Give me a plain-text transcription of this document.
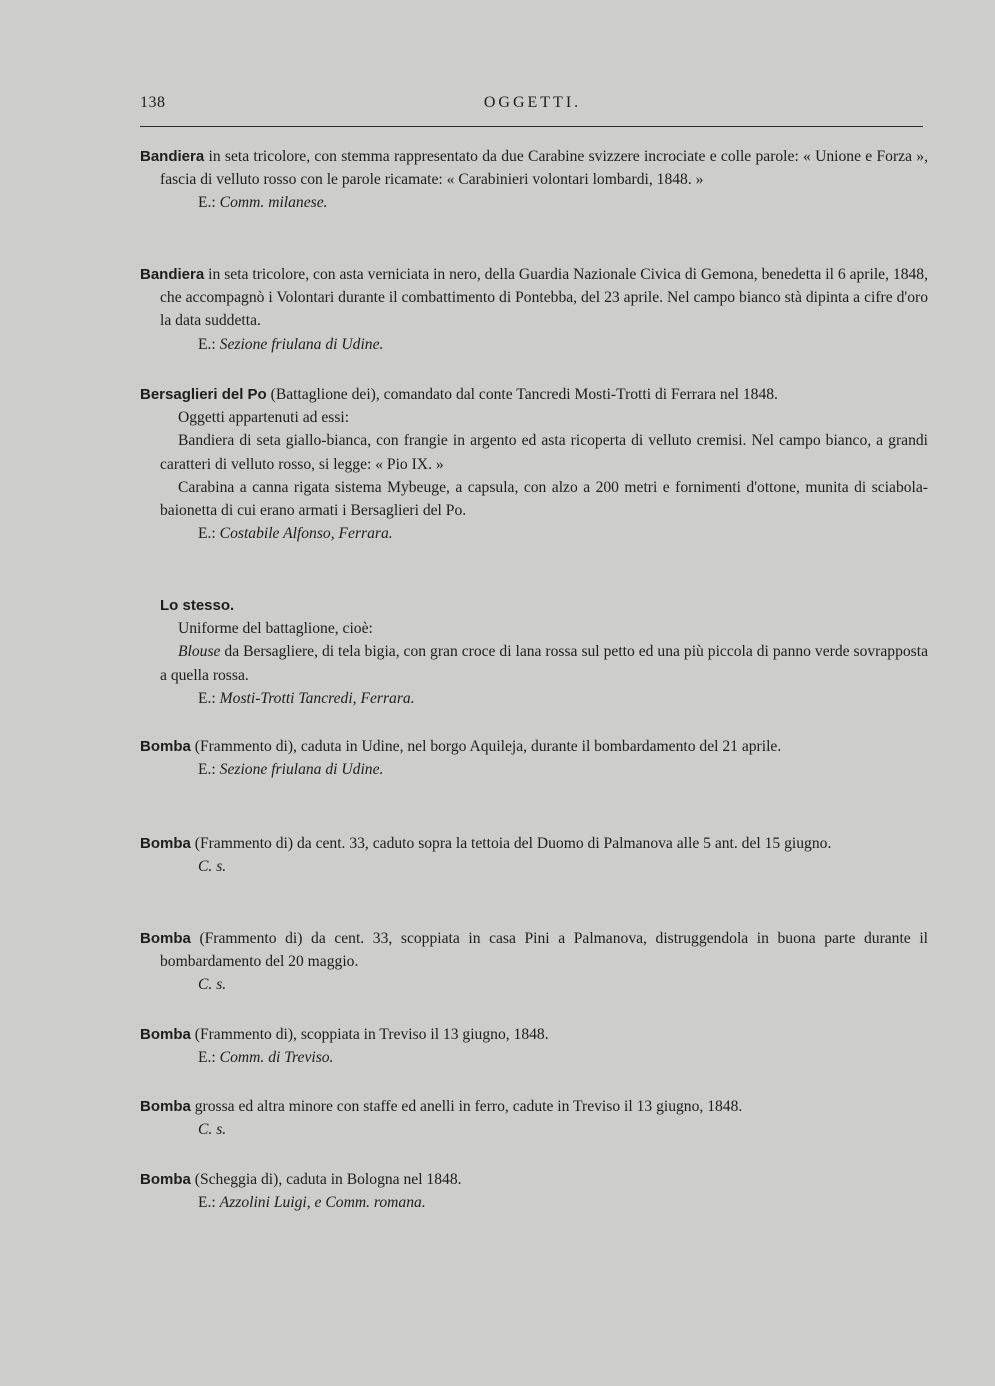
138	OGGETTI.

Bandiera in seta tricolore, con stemma rappresentato da due Carabine svizzere incrociate e colle parole: « Unione e Forza », fascia di velluto rosso con le parole ricamate: « Carabinieri volontari lombardi, 1848. »

E.: Comm. milanese.

Bandiera in seta tricolore, con asta verniciata in nero, della Guardia Nazionale Civica di Gemona, benedetta il 6 aprile, 1848, che accompagnò i Volontari durante il combattimento di Pontebba, del 23 aprile. Nel campo bianco stà dipinta a cifre d'oro la data suddetta.

E.: Sezione friulana di Udine.

Bersaglieri del Po (Battaglione dei), comandato dal conte Tancredi Mosti-Trotti di Ferrara nel 1848.

Oggetti appartenuti ad essi:

Bandiera di seta giallo-bianca, con frangie in argento ed asta ricoperta di velluto cremisi. Nel campo bianco, a grandi caratteri di velluto rosso, si legge: « Pio IX. »

Carabina a canna rigata sistema Mybeuge, a capsula, con alzo a 200 metri e fornimenti d'ottone, munita di sciabola-baionetta di cui erano armati i Bersaglieri del Po.

E.: Costabile Alfonso, Ferrara.

Lo stesso.

Uniforme del battaglione, cioè:

Blouse da Bersagliere, di tela bigia, con gran croce di lana rossa sul petto ed una più piccola di panno verde sovrapposta a quella rossa.

E.: Mosti-Trotti Tancredi, Ferrara.

Bomba (Frammento di), caduta in Udine, nel borgo Aquileja, durante il bombardamento del 21 aprile.

E.: Sezione friulana di Udine.

Bomba (Frammento di) da cent. 33, caduto sopra la tettoia del Duomo di Palmanova alle 5 ant. del 15 giugno.

C. s.

Bomba (Frammento di) da cent. 33, scoppiata in casa Pini a Palmanova, distruggendola in buona parte durante il bombardamento del 20 maggio.

C. s.

Bomba (Frammento di), scoppiata in Treviso il 13 giugno, 1848.

E.: Comm. di Treviso.

Bomba grossa ed altra minore con staffe ed anelli in ferro, cadute in Treviso il 13 giugno, 1848.

C. s.

Bomba (Scheggia di), caduta in Bologna nel 1848.

E.: Azzolini Luigi, e Comm. romana.
